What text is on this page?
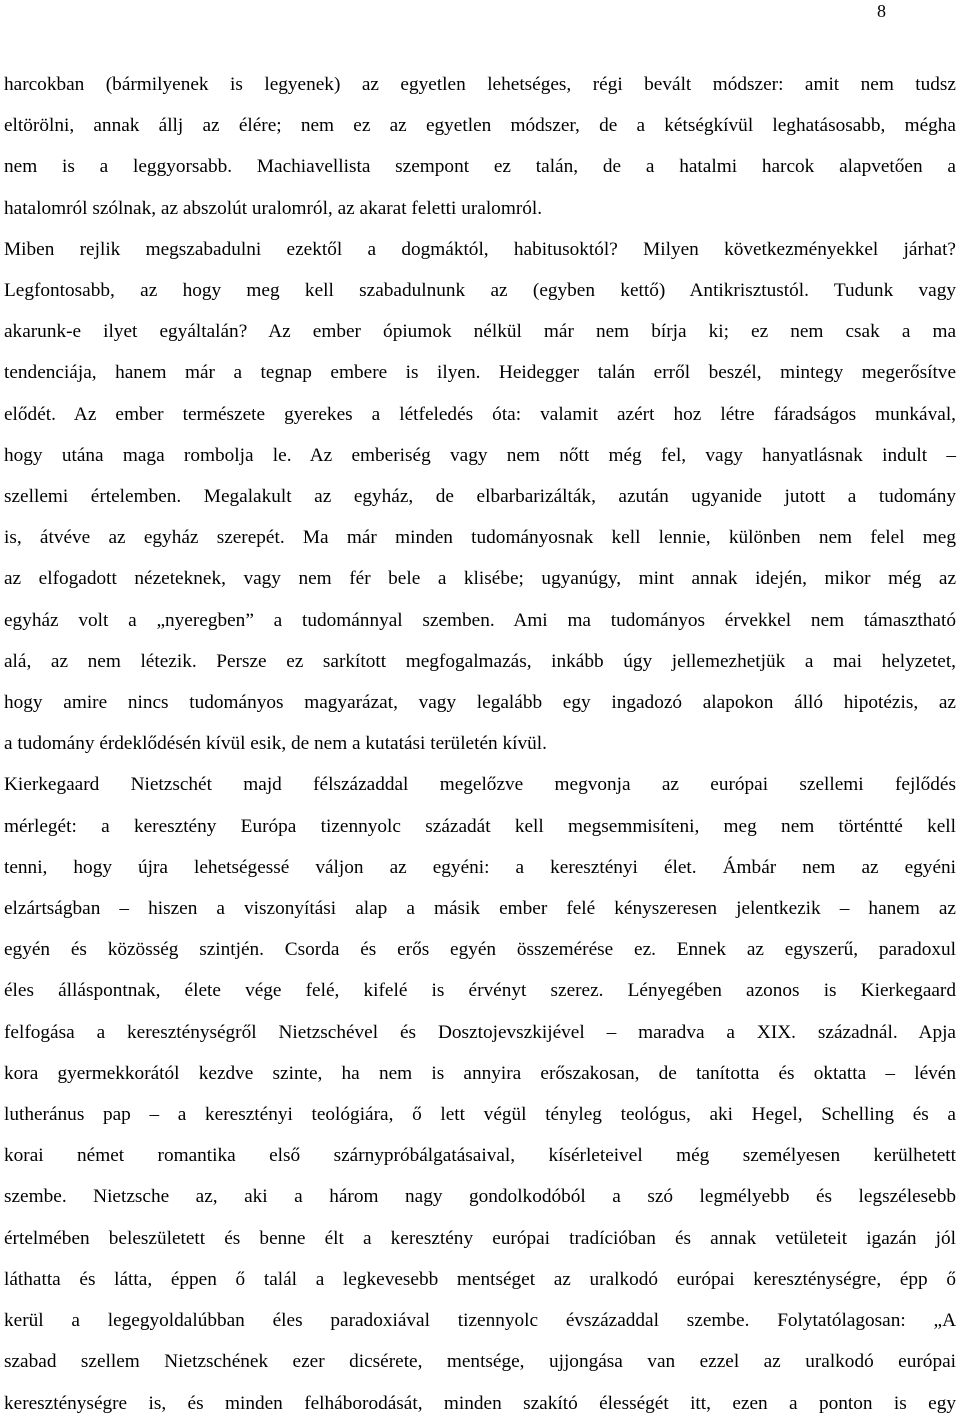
8
harcokban (bármilyenek is legyenek) az egyetlen lehetséges, régi bevált módszer: amit nem tudsz
eltörölni, annak állj az élére; nem ez az egyetlen módszer, de a kétségkívül leghatásosabb, mégha
nem is a leggyorsabb. Machiavellista szempont ez talán, de a hatalmi harcok alapvetően a
hatalomról szólnak, az abszolút uralomról, az akarat feletti uralomról.
Miben rejlik megszabadulni ezektől a dogmáktól, habitusoktól? Milyen következményekkel járhat?
Legfontosabb, az hogy meg kell szabadulnunk az (egyben kettő) Antikrisztustól. Tudunk vagy
akarunk-e ilyet egyáltalán? Az ember ópiumok nélkül már nem bírja ki; ez nem csak a ma
tendenciája, hanem már a tegnap embere is ilyen. Heidegger talán erről beszél, mintegy megerősítve
elődét. Az ember természete gyerekes a létfeledés óta: valamit azért hoz létre fáradságos munkával,
hogy utána maga rombolja le. Az emberiség vagy nem nőtt még fel, vagy hanyatlásnak indult –
szellemi értelemben. Megalakult az egyház, de elbarbarizálták, azután ugyanide jutott a tudomány
is, átvéve az egyház szerepét. Ma már minden tudományosnak kell lennie, különben nem felel meg
az elfogadott nézeteknek, vagy nem fér bele a klisébe; ugyanúgy, mint annak idején, mikor még az
egyház volt a „nyeregben” a tudománnyal szemben. Ami ma tudományos érvekkel nem támasztható
alá, az nem létezik. Persze ez sarkított megfogalmazás, inkább úgy jellemezhetjük a mai helyzetet,
hogy amire nincs tudományos magyarázat, vagy legalább egy ingadozó alapokon álló hipotézis, az
a tudomány érdeklődésén kívül esik, de nem a kutatási területén kívül.
Kierkegaard Nietzschét majd félszázaddal megelőzve megvonja az európai szellemi fejlődés
mérlegét: a keresztény Európa tizennyolc századát kell megsemmisíteni, meg nem történtté kell
tenni, hogy újra lehetségessé váljon az egyéni: a keresztényi élet. Ámbár nem az egyéni
elzártságban – hiszen a viszonyítási alap a másik ember felé kényszeresen jelentkezik – hanem az
egyén és közösség szintjén. Csorda és erős egyén összemérése ez. Ennek az egyszerű, paradoxul
éles álláspontnak, élete vége felé, kifelé is érvényt szerez. Lényegében azonos is Kierkegaard
felfogása a kereszténységről Nietzschével és Dosztojevszkijével – maradva a XIX. századnál. Apja
kora gyermekkorától kezdve szinte, ha nem is annyira erőszakosan, de tanította és oktatta – lévén
lutheránus pap – a keresztényi teológiára, ő lett végül tényleg teológus, aki Hegel, Schelling és a
korai német romantika első szárnypróbálgatásaival, kísérleteivel még személyesen kerülhetett
szembe. Nietzsche az, aki a három nagy gondolkodóból a szó legmélyebb és legszélesebb
értelmében beleszületett és benne élt a keresztény európai tradícióban és annak vetületeit igazán jól
láthatta és látta, éppen ő talál a legkevesebb mentséget az uralkodó európai kereszténységre, épp ő
kerül a legegyoldalúbban éles paradoxiával tizennyolc évszázaddal szembe. Folytatólagosan: „A
szabad szellem Nietzschének ezer dicsérete, mentsége, ujjongása van ezzel az uralkodó európai
kereszténységre is, és minden felháborodását, minden szakító élességét itt, ezen a ponton is egy
